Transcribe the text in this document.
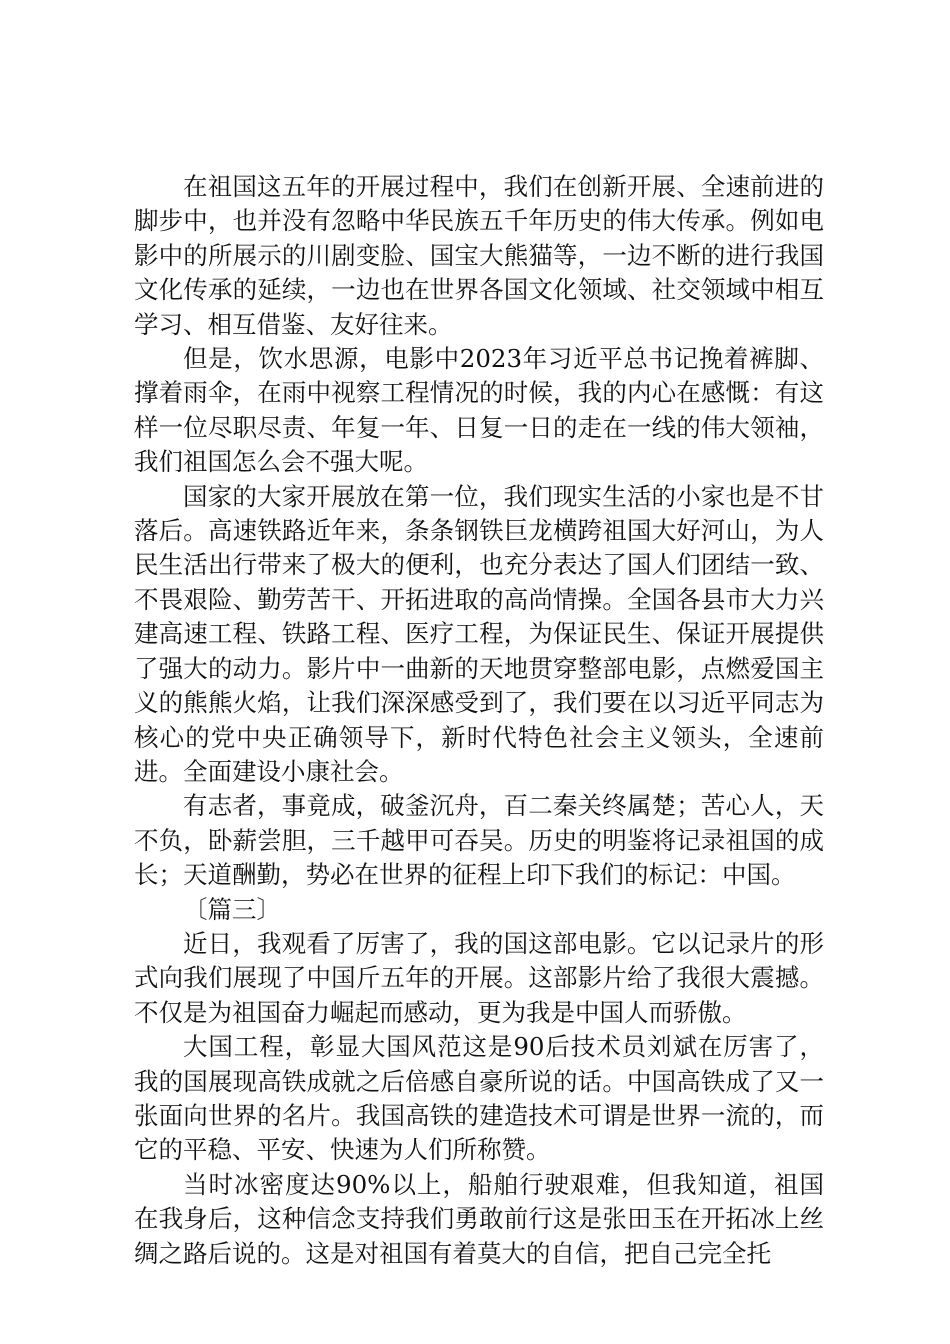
在祖国这五年的开展过程中，我们在创新开展、全速前进的脚步中，也并没有忽略中华民族五千年历史的伟大传承。例如电影中的所展示的川剧变脸、国宝大熊猫等，一边不断的进行我国文化传承的延续，一边也在世界各国文化领域、社交领域中相互学习、相互借鉴、友好往来。

但是，饮水思源，电影中2023年习近平总书记挽着裤脚、撑着雨伞，在雨中视察工程情况的时候，我的内心在感慨：有这样一位尽职尽责、年复一年、日复一日的走在一线的伟大领袖，我们祖国怎么会不强大呢。

国家的大家开展放在第一位，我们现实生活的小家也是不甘落后。高速铁路近年来，条条钢铁巨龙横跨祖国大好河山，为人民生活出行带来了极大的便利，也充分表达了国人们团结一致、不畏艰险、勤劳苦干、开拓进取的高尚情操。全国各县市大力兴建高速工程、铁路工程、医疗工程，为保证民生、保证开展提供了强大的动力。影片中一曲新的天地贯穿整部电影，点燃爱国主义的熊熊火焰，让我们深深感受到了，我们要在以习近平同志为核心的党中央正确领导下，新时代特色社会主义领头，全速前进。全面建设小康社会。

有志者，事竟成，破釜沉舟，百二秦关终属楚；苦心人，天不负，卧薪尝胆，三千越甲可吞吴。历史的明鉴将记录祖国的成长；天道酬勤，势必在世界的征程上印下我们的标记：中国。

〔篇三〕

近日，我观看了厉害了，我的国这部电影。它以记录片的形式向我们展现了中国斤五年的开展。这部影片给了我很大震撼。不仅是为祖国奋力崛起而感动，更为我是中国人而骄傲。

大国工程，彰显大国风范这是90后技术员刘斌在厉害了，我的国展现高铁成就之后倍感自豪所说的话。中国高铁成了又一张面向世界的名片。我国高铁的建造技术可谓是世界一流的，而它的平稳、平安、快速为人们所称赞。

当时冰密度达90%以上，船舶行驶艰难，但我知道，祖国在我身后，这种信念支持我们勇敢前行这是张田玉在开拓冰上丝绸之路后说的。这是对祖国有着莫大的自信，把自己完全托
